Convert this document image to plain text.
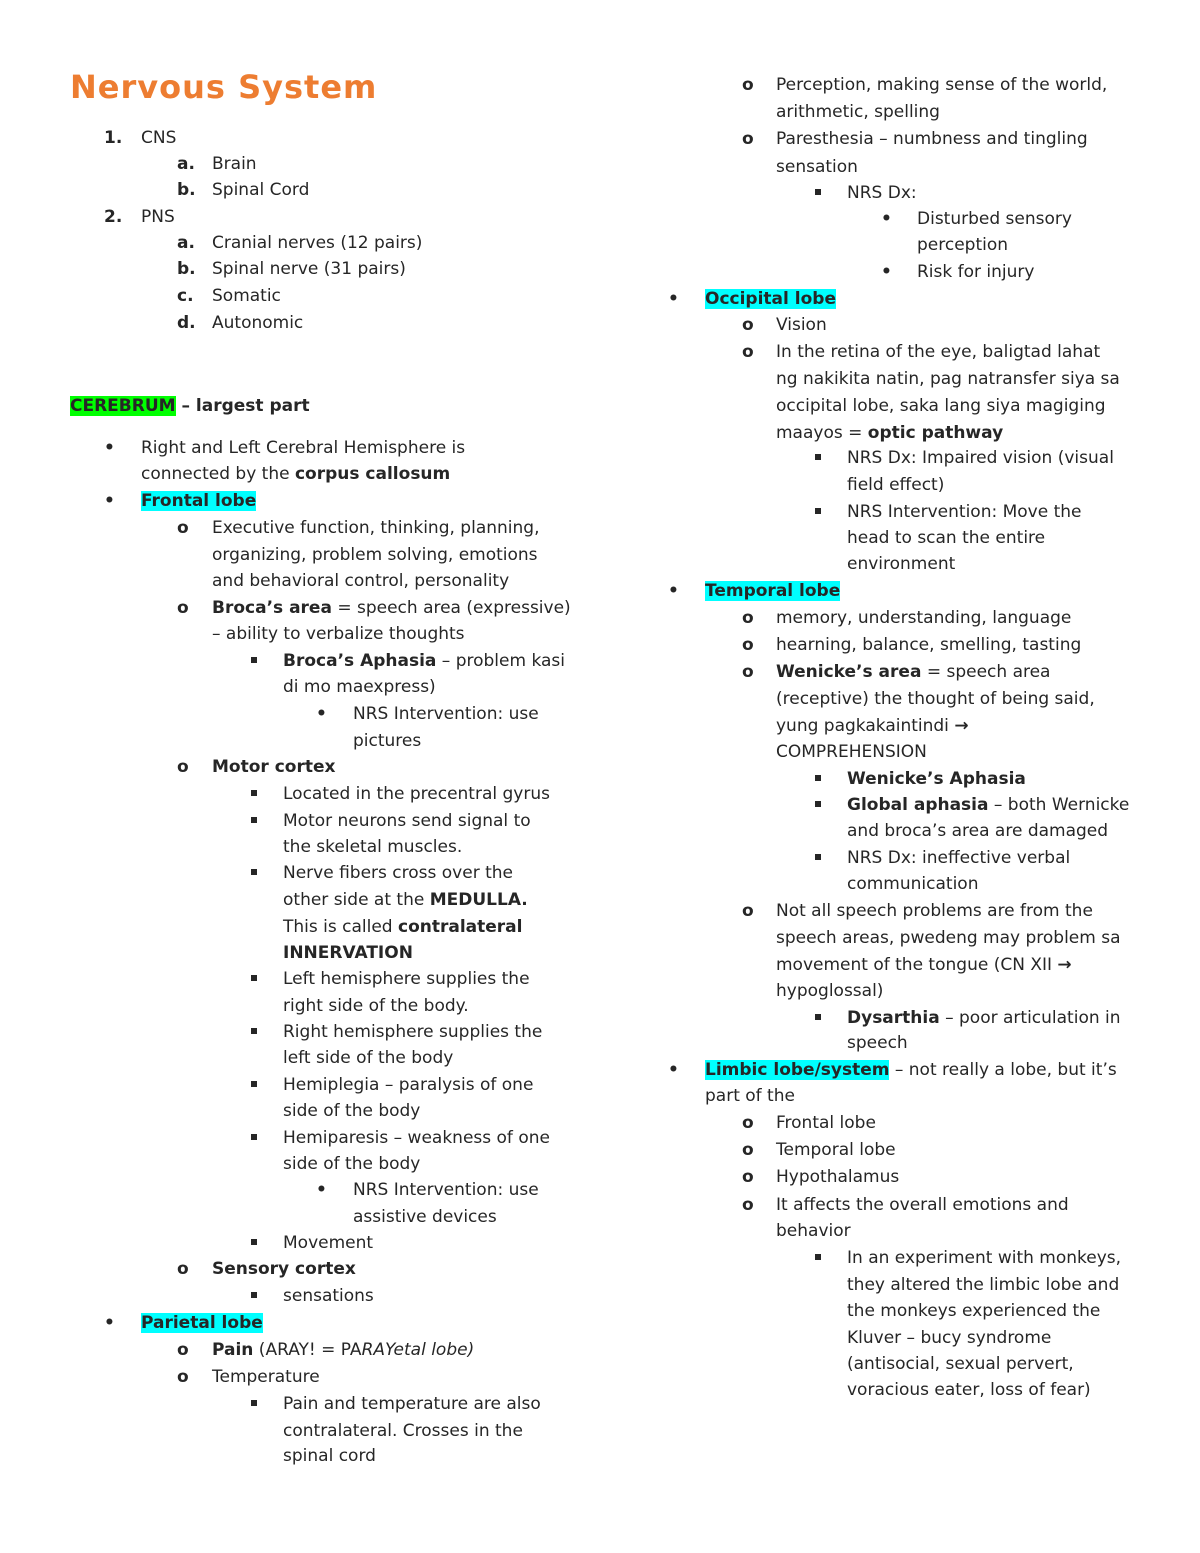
Nervous System
1. CNS
a. Brain
b. Spinal Cord
2. PNS
a. Cranial nerves (12 pairs)
b. Spinal nerve (31 pairs)
c. Somatic
d. Autonomic
CEREBRUM – largest part
• Right and Left Cerebral Hemisphere is
connected by the corpus callosum
• Frontal lobe
o Executive function, thinking, planning,
organizing, problem solving, emotions
and behavioral control, personality
o Broca’s area = speech area (expressive)
– ability to verbalize thoughts
Broca’s Aphasia – problem kasi
di mo maexpress)
• NRS Intervention: use
pictures
o Motor cortex
Located in the precentral gyrus
Motor neurons send signal to
the skeletal muscles.
Nerve fibers cross over the
other side at the MEDULLA.
This is called contralateral
INNERVATION
Left hemisphere supplies the
right side of the body.
Right hemisphere supplies the
left side of the body
Hemiplegia – paralysis of one
side of the body
Hemiparesis – weakness of one
side of the body
• NRS Intervention: use
assistive devices
Movement
o Sensory cortex
sensations
• Parietal lobe
o Pain (ARAY! = PARAYetal lobe)
o Temperature
Pain and temperature are also
contralateral. Crosses in the
spinal cord
o Perception, making sense of the world,
arithmetic, spelling
o Paresthesia – numbness and tingling
sensation
NRS Dx:
• Disturbed sensory
perception
• Risk for injury
• Occipital lobe
o Vision
o In the retina of the eye, baligtad lahat
ng nakikita natin, pag natransfer siya sa
occipital lobe, saka lang siya magiging
maayos = optic pathway
NRS Dx: Impaired vision (visual
field effect)
NRS Intervention: Move the
head to scan the entire
environment
• Temporal lobe
o memory, understanding, language
o hearning, balance, smelling, tasting
o Wenicke’s area = speech area
(receptive) the thought of being said,
yung pagkakaintindi →
COMPREHENSION
Wenicke’s Aphasia
Global aphasia – both Wernicke
and broca’s area are damaged
NRS Dx: ineffective verbal
communication
o Not all speech problems are from the
speech areas, pwedeng may problem sa
movement of the tongue (CN XII →
hypoglossal)
Dysarthia – poor articulation in
speech
• Limbic lobe/system – not really a lobe, but it’s
part of the
o Frontal lobe
o Temporal lobe
o Hypothalamus
o It affects the overall emotions and
behavior
In an experiment with monkeys,
they altered the limbic lobe and
the monkeys experienced the
Kluver – bucy syndrome
(antisocial, sexual pervert,
voracious eater, loss of fear)
